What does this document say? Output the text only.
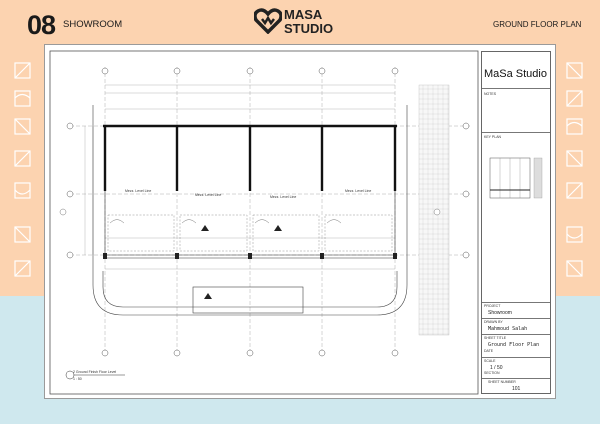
08 SHOWROOM
MASA
STUDIO	GROUND FLOOR PLAN
Mezz. Level Line
Mezz. Level Line	Mezz. Level Line
Mezz. Level Line
2 Ground Finish Floor Level
1 : 50
MaSa Studio
NOTES
KEY PLAN
PROJECT
Showroom
DRAWN BY
Mahmoud Salah
SHEET TITLE
Ground Floor Plan
DATE
SCALE
1 / 50
SECTION
SHEET NUMBER
101
